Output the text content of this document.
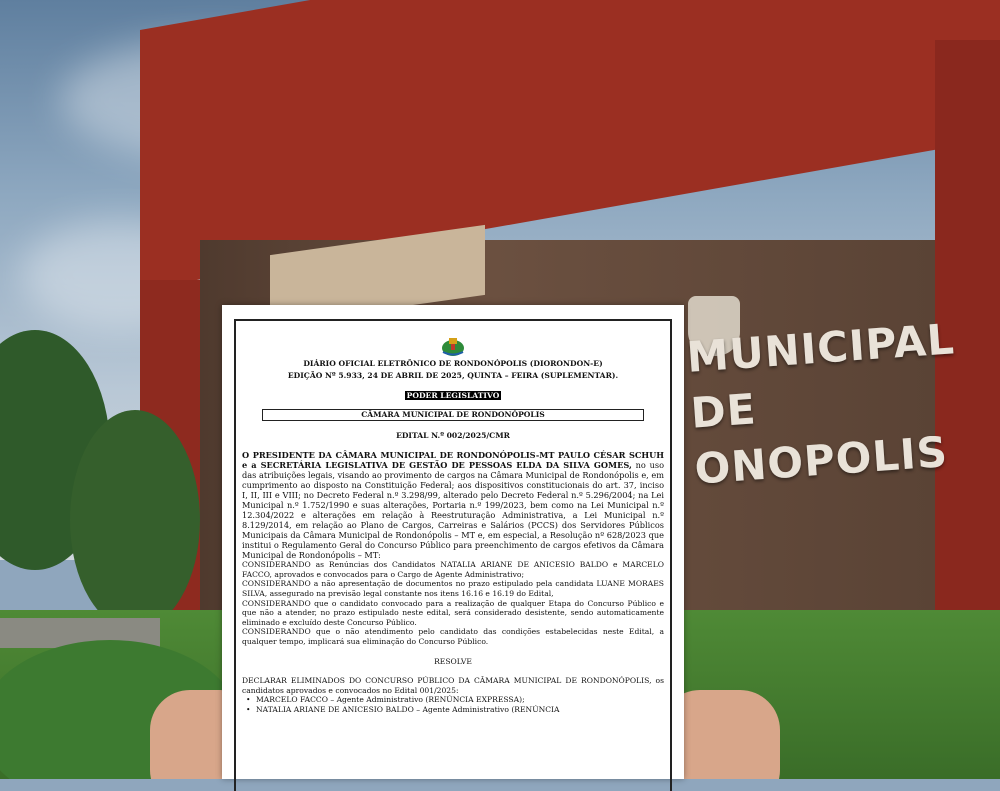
MUNICIPAL DE
ONOPOLIS
DIÁRIO OFICIAL ELETRÔNICO DE RONDONÓPOLIS (DIORONDON-E)
EDIÇÃO Nº 5.933, 24 DE ABRIL DE 2025, QUINTA – FEIRA (SUPLEMENTAR).
PODER LEGISLATIVO
CÂMARA MUNICIPAL DE RONDONÓPOLIS
EDITAL N.º 002/2025/CMR

O PRESIDENTE DA CÂMARA MUNICIPAL DE RONDONÓPOLIS-MT PAULO CÉSAR SCHUH e a SECRETÁRIA LEGISLATIVA DE GESTÃO DE PESSOAS ELDA DA SILVA GOMES, no uso das atribuições legais, visando ao provimento de cargos na Câmara Municipal de Rondonópolis e, em cumprimento ao disposto na Constituição Federal; aos dispositivos constitucionais do art. 37, inciso I, II, III e VIII; no Decreto Federal n.º 3.298/99, alterado pelo Decreto Federal n.º 5.296/2004; na Lei Municipal n.º 1.752/1990 e suas alterações, Portaria n.º 199/2023, bem como na Lei Municipal n.º 12.304/2022 e alterações em relação à Reestruturação Administrativa, a Lei Municipal n.º 8.129/2014, em relação ao Plano de Cargos, Carreiras e Salários (PCCS) dos Servidores Públicos Municipais da Câmara Municipal de Rondonópolis – MT e, em especial, a Resolução nº 628/2023 que institui o Regulamento Geral do Concurso Público para preenchimento de cargos efetivos da Câmara Municipal de Rondonópolis – MT:

CONSIDERANDO as Renúncias dos Candidatos NATALIA ARIANE DE ANICESIO BALDO e MARCELO FACCO, aprovados e convocados para o Cargo de Agente Administrativo;

CONSIDERANDO a não apresentação de documentos no prazo estipulado pela candidata LUANE MORAES SILVA, assegurado na previsão legal constante nos itens 16.16 e 16.19 do Edital,

CONSIDERANDO que o candidato convocado para a realização de qualquer Etapa do Concurso Público e que não a atender, no prazo estipulado neste edital, será considerado desistente, sendo automaticamente eliminado e excluído deste Concurso Público.

CONSIDERANDO que o não atendimento pelo candidato das condições estabelecidas neste Edital, a qualquer tempo, implicará sua eliminação do Concurso Público.

RESOLVE

DECLARAR ELIMINADOS DO CONCURSO PÚBLICO DA CÂMARA MUNICIPAL DE RONDONÓPOLIS, os candidatos aprovados e convocados no Edital 001/2025:

• MARCELO FACCO – Agente Administrativo (RENÚNCIA EXPRESSA);

• NATALIA ARIANE DE ANICESIO BALDO – Agente Administrativo (RENÚNCIA
